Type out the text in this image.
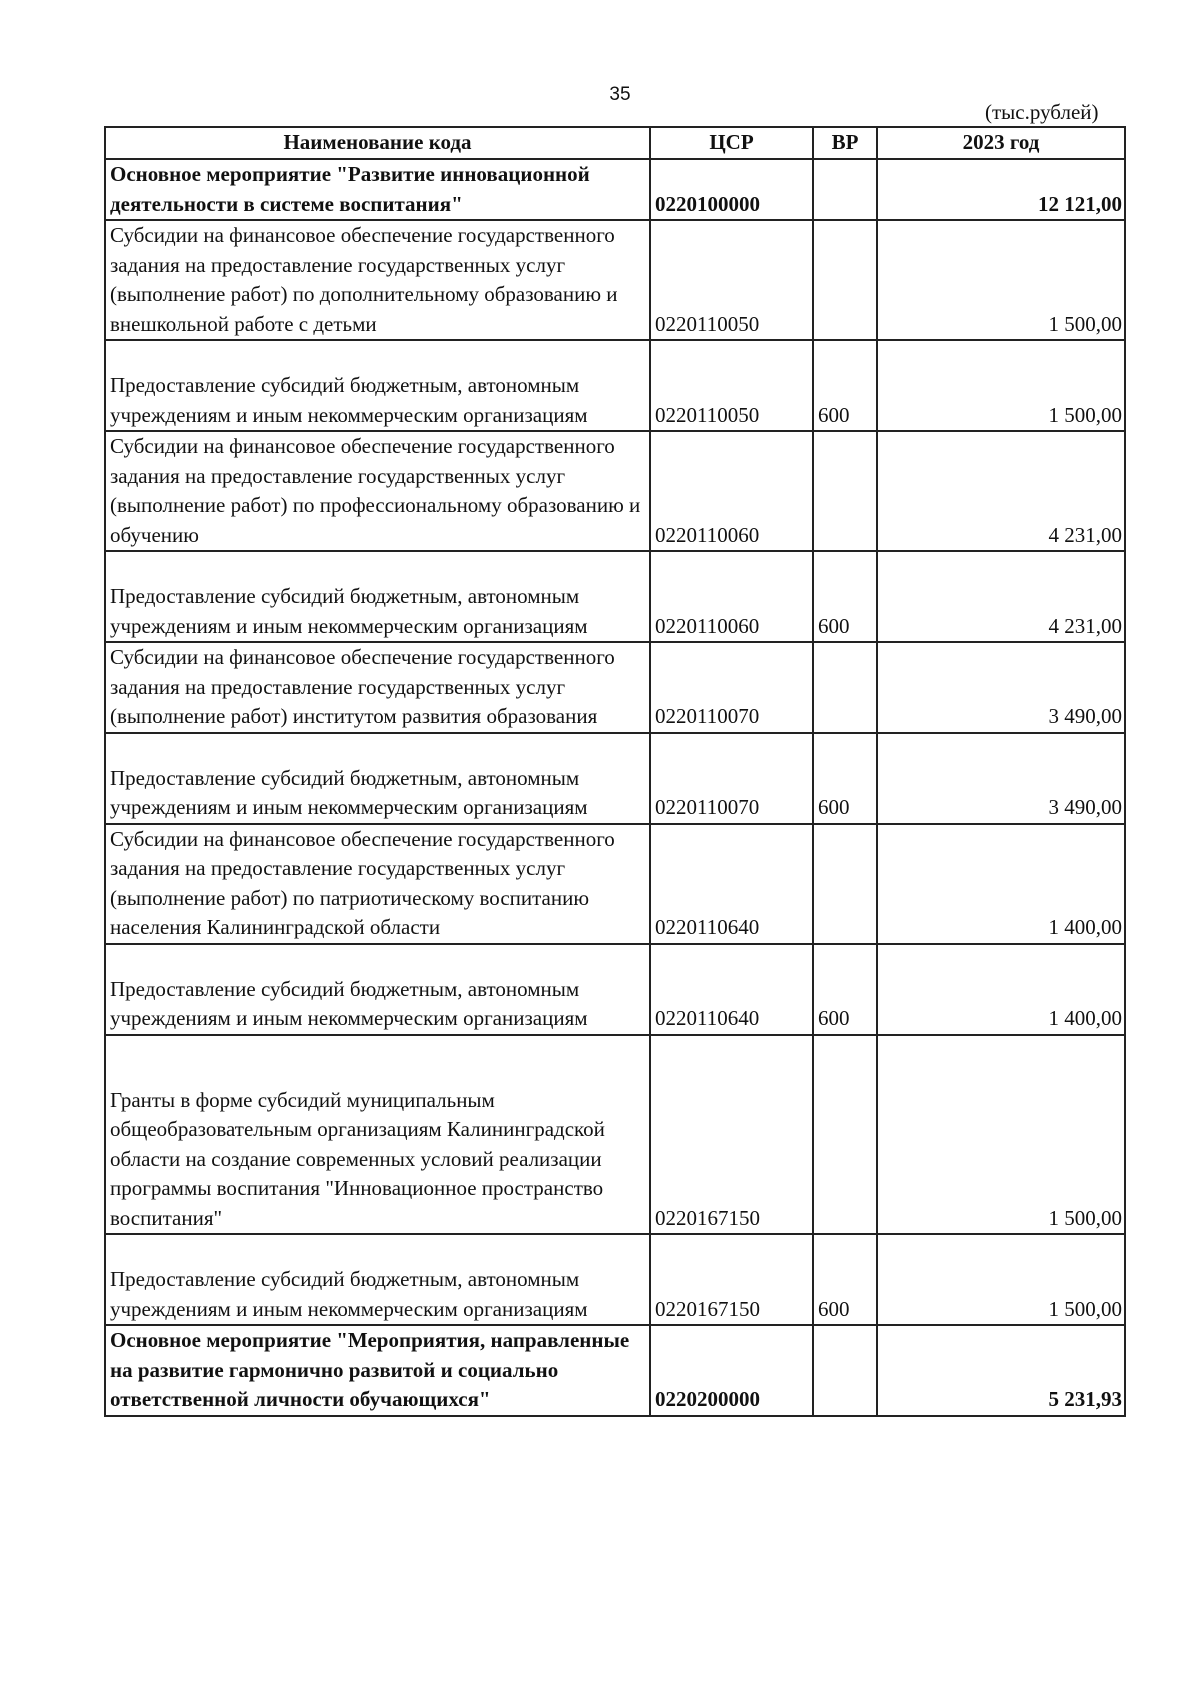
35
(тыс.рублей)
Наименование кода	ЦСР	ВР	2023 год
Основное мероприятие "Развитие инновационной деятельности в системе воспитания"	0220100000		12 121,00
Субсидии на финансовое обеспечение государственного задания на предоставление государственных услуг (выполнение работ) по дополнительному образованию и внешкольной работе с детьми	0220110050		1 500,00
Предоставление субсидий бюджетным, автономным учреждениям и иным некоммерческим организациям	0220110050	600	1 500,00
Субсидии на финансовое обеспечение государственного задания на предоставление государственных услуг (выполнение работ) по профессиональному образованию и обучению	0220110060		4 231,00
Предоставление субсидий бюджетным, автономным учреждениям и иным некоммерческим организациям	0220110060	600	4 231,00
Субсидии на финансовое обеспечение государственного задания на предоставление государственных услуг (выполнение работ) институтом развития образования	0220110070		3 490,00
Предоставление субсидий бюджетным, автономным учреждениям и иным некоммерческим организациям	0220110070	600	3 490,00
Субсидии на финансовое обеспечение государственного задания на предоставление государственных услуг (выполнение работ) по патриотическому воспитанию населения Калининградской области	0220110640		1 400,00
Предоставление субсидий бюджетным, автономным учреждениям и иным некоммерческим организациям	0220110640	600	1 400,00
Гранты в форме субсидий муниципальным общеобразовательным организациям Калининградской области на создание современных условий реализации программы воспитания "Инновационное пространство воспитания"	0220167150		1 500,00
Предоставление субсидий бюджетным, автономным учреждениям и иным некоммерческим организациям	0220167150	600	1 500,00
Основное мероприятие "Мероприятия, направленные на развитие гармонично развитой и социально ответственной личности обучающихся"	0220200000		5 231,93
